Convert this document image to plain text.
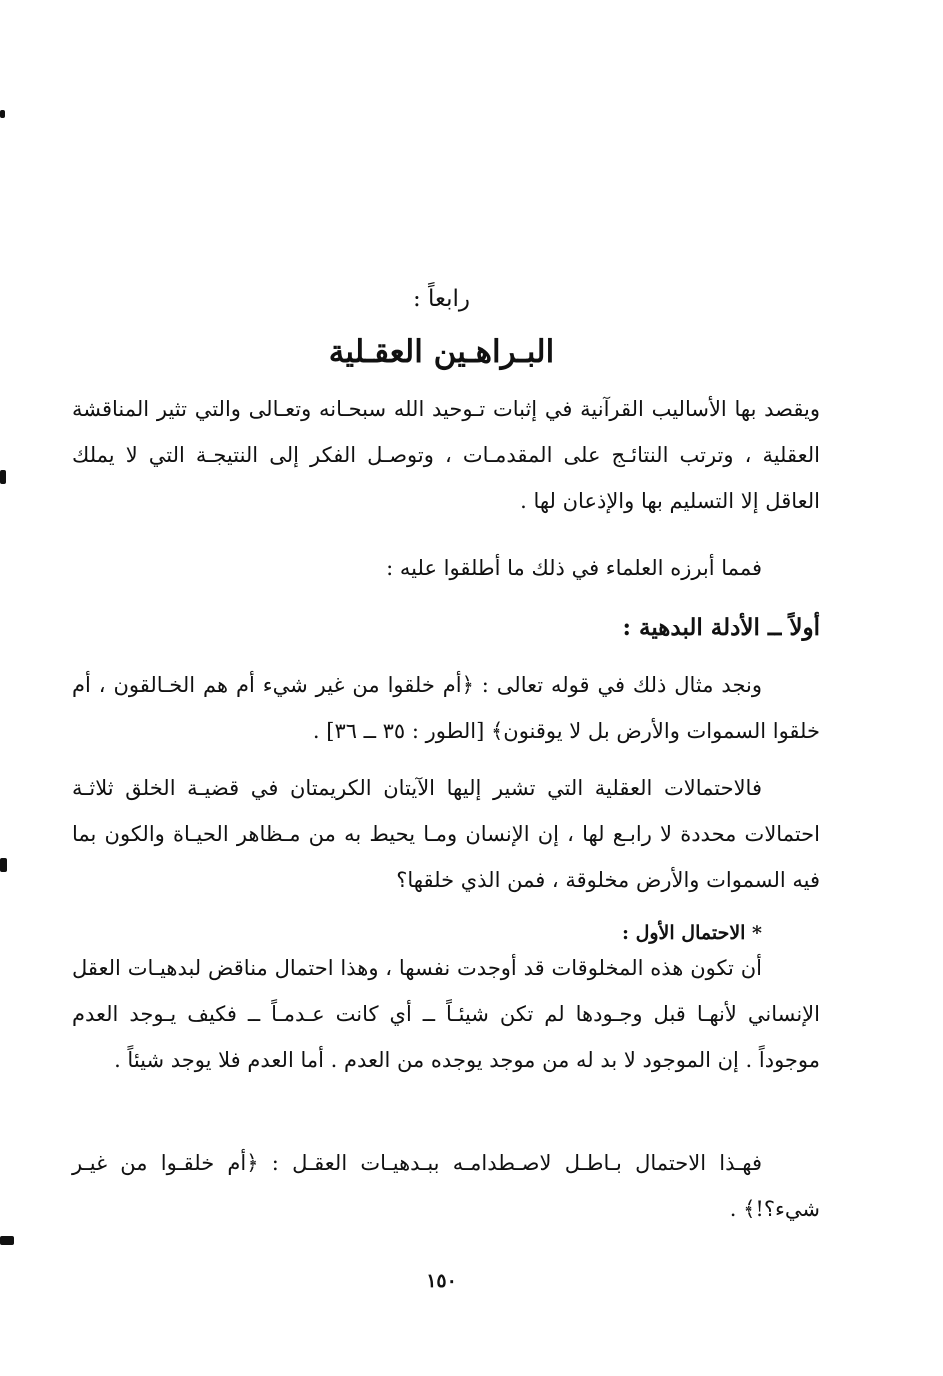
رابعاً :
البـراهـين العقـلية

ويقصد بها الأساليب القرآنية في إثبات تـوحيد الله سبحـانه وتعـالى والتي تثير المناقشة العقلية ، وترتب النتائـج على المقدمـات ، وتوصـل الفكر إلى النتيجـة التي لا يملك العاقل إلا التسليم بها والإذعان لها .

فمما أبرزه العلماء في ذلك ما أطلقوا عليه :

أولاً ــ الأدلة البدهية :

ونجد مثال ذلك في قوله تعالى : ﴿أم خلقوا من غير شيء أم هم الخـالقون ، أم خلقوا السموات والأرض بل لا يوقنون﴾ [الطور : ٣٥ ــ ٣٦] .

فالاحتمالات العقلية التي تشير إليها الآيتان الكريمتان في قضيـة الخلق ثلاثـة احتمالات محددة لا رابـع لها ، إن الإنسان ومـا يحيط به من مـظاهر الحيـاة والكون بما فيه السموات والأرض مخلوقة ، فمن الذي خلقها؟

* الاحتمال الأول :

أن تكون هذه المخلوقات قد أوجدت نفسها ، وهذا احتمال مناقض لبدهيـات العقل الإنساني لأنهـا قبل وجـودها لم تكن شيئـاً ــ أي كانت عـدمـاً ــ فكيف يـوجد العدم موجوداً . إن الموجود لا بد له من موجد يوجده من العدم . أما العدم فلا يوجد شيئاً .

فهـذا الاحتمال بـاطـل لاصـطدامـه ببـدهيـات العقـل : ﴿أم خلقـوا من غيـر شيء؟!﴾ .

١٥٠
